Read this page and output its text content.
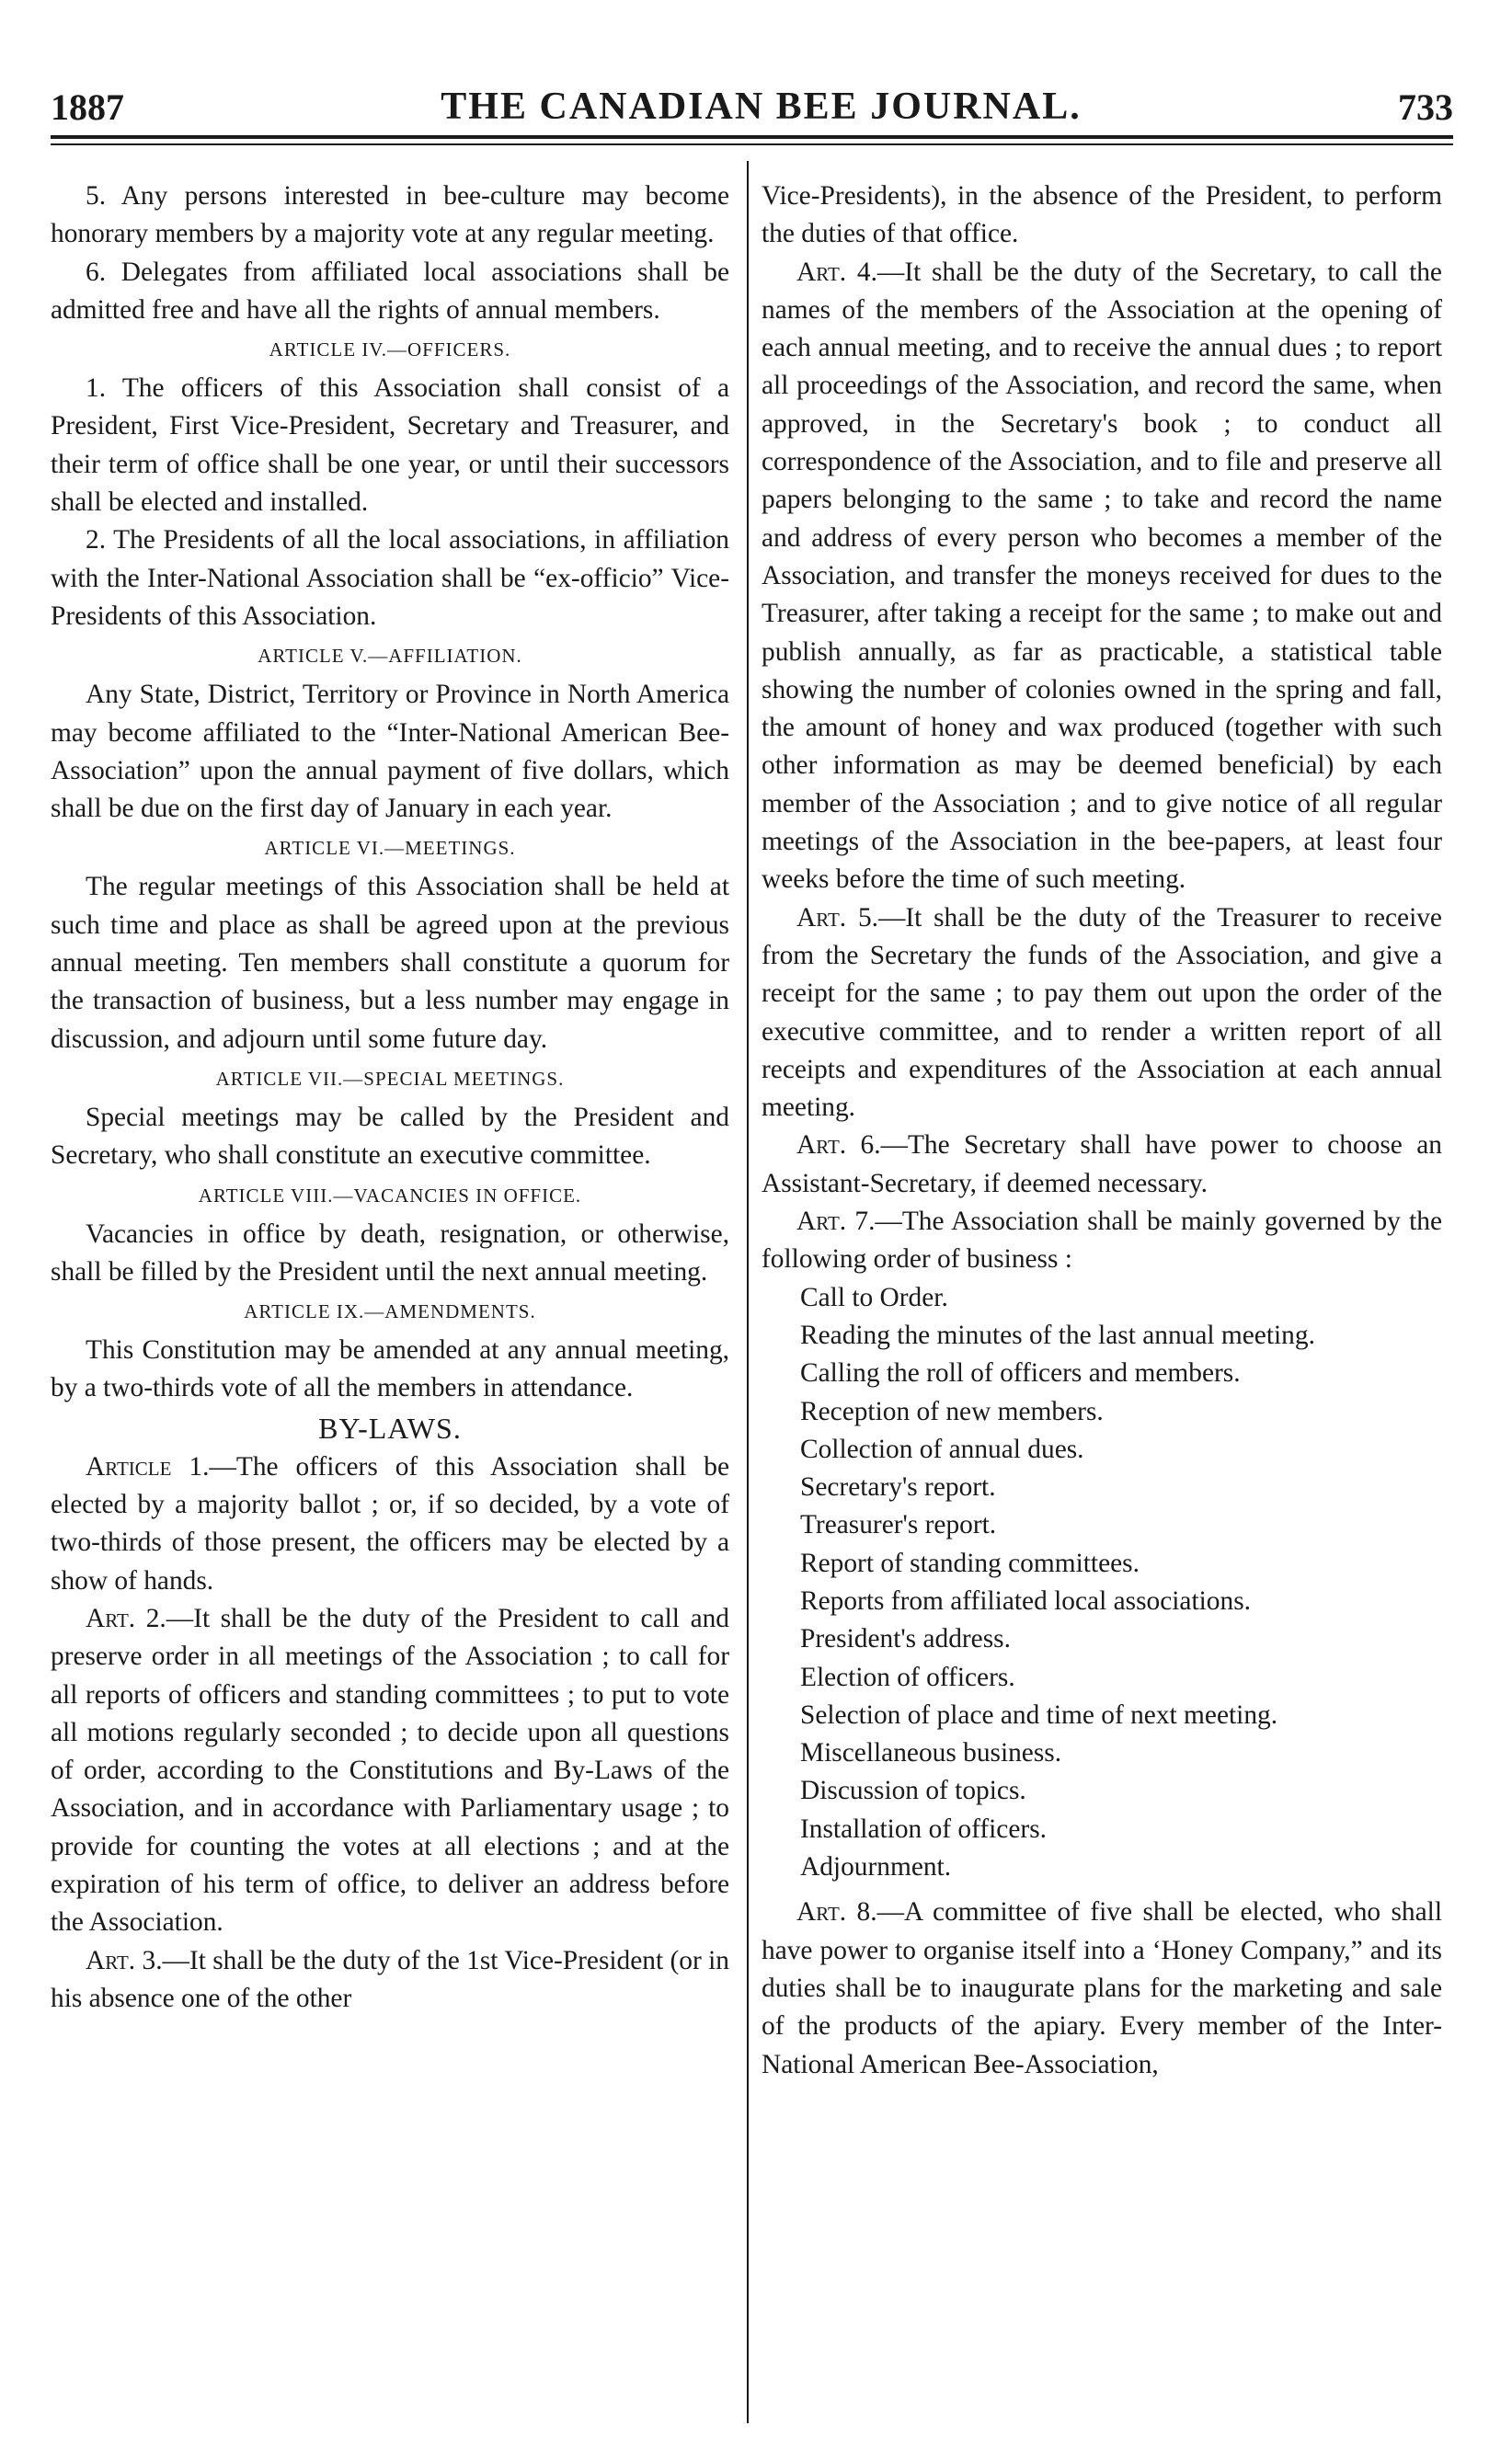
1887	THE CANADIAN BEE JOURNAL.	733

5. Any persons interested in bee-culture may become honorary members by a majority vote at any regular meeting.

6. Delegates from affiliated local associations shall be admitted free and have all the rights of annual members.

ARTICLE IV.—OFFICERS.

1. The officers of this Association shall consist of a President, First Vice-President, Secretary and Treasurer, and their term of office shall be one year, or until their successors shall be elected and installed.

2. The Presidents of all the local associations, in affiliation with the Inter-National Association shall be “ex-officio” Vice-Presidents of this Association.

ARTICLE V.—AFFILIATION.

Any State, District, Territory or Province in North America may become affiliated to the “Inter-National American Bee-Association” upon the annual payment of five dollars, which shall be due on the first day of January in each year.

ARTICLE VI.—MEETINGS.

The regular meetings of this Association shall be held at such time and place as shall be agreed upon at the previous annual meeting. Ten members shall constitute a quorum for the transaction of business, but a less number may engage in discussion, and adjourn until some future day.

ARTICLE VII.—SPECIAL MEETINGS.

Special meetings may be called by the President and Secretary, who shall constitute an executive committee.

ARTICLE VIII.—VACANCIES IN OFFICE.

Vacancies in office by death, resignation, or otherwise, shall be filled by the President until the next annual meeting.

ARTICLE IX.—AMENDMENTS.

This Constitution may be amended at any annual meeting, by a two-thirds vote of all the members in attendance.

BY-LAWS.

Article 1.—The officers of this Association shall be elected by a majority ballot ; or, if so decided, by a vote of two-thirds of those present, the officers may be elected by a show of hands.

Art. 2.—It shall be the duty of the President to call and preserve order in all meetings of the Association ; to call for all reports of officers and standing committees ; to put to vote all motions regularly seconded ; to decide upon all questions of order, according to the Constitutions and By-Laws of the Association, and in accordance with Parliamentary usage ; to provide for counting the votes at all elections ; and at the expiration of his term of office, to deliver an address before the Association.

Art. 3.—It shall be the duty of the 1st Vice-President (or in his absence one of the other

Vice-Presidents), in the absence of the President, to perform the duties of that office.

Art. 4.—It shall be the duty of the Secretary, to call the names of the members of the Association at the opening of each annual meeting, and to receive the annual dues ; to report all proceedings of the Association, and record the same, when approved, in the Secretary's book ; to conduct all correspondence of the Association, and to file and preserve all papers belonging to the same ; to take and record the name and address of every person who becomes a member of the Association, and transfer the moneys received for dues to the Treasurer, after taking a receipt for the same ; to make out and publish annually, as far as practicable, a statistical table showing the number of colonies owned in the spring and fall, the amount of honey and wax produced (together with such other information as may be deemed beneficial) by each member of the Association ; and to give notice of all regular meetings of the Association in the bee-papers, at least four weeks before the time of such meeting.

Art. 5.—It shall be the duty of the Treasurer to receive from the Secretary the funds of the Association, and give a receipt for the same ; to pay them out upon the order of the executive committee, and to render a written report of all receipts and expenditures of the Association at each annual meeting.

Art. 6.—The Secretary shall have power to choose an Assistant-Secretary, if deemed necessary.

Art. 7.—The Association shall be mainly governed by the following order of business :

Call to Order.
Reading the minutes of the last annual meeting.
Calling the roll of officers and members.
Reception of new members.
Collection of annual dues.
Secretary's report.
Treasurer's report.
Report of standing committees.
Reports from affiliated local associations.
President's address.
Election of officers.
Selection of place and time of next meeting.
Miscellaneous business.
Discussion of topics.
Installation of officers.
Adjournment.

Art. 8.—A committee of five shall be elected, who shall have power to organise itself into a ‘Honey Company,” and its duties shall be to inaugurate plans for the marketing and sale of the products of the apiary. Every member of the Inter-National American Bee-Association,
